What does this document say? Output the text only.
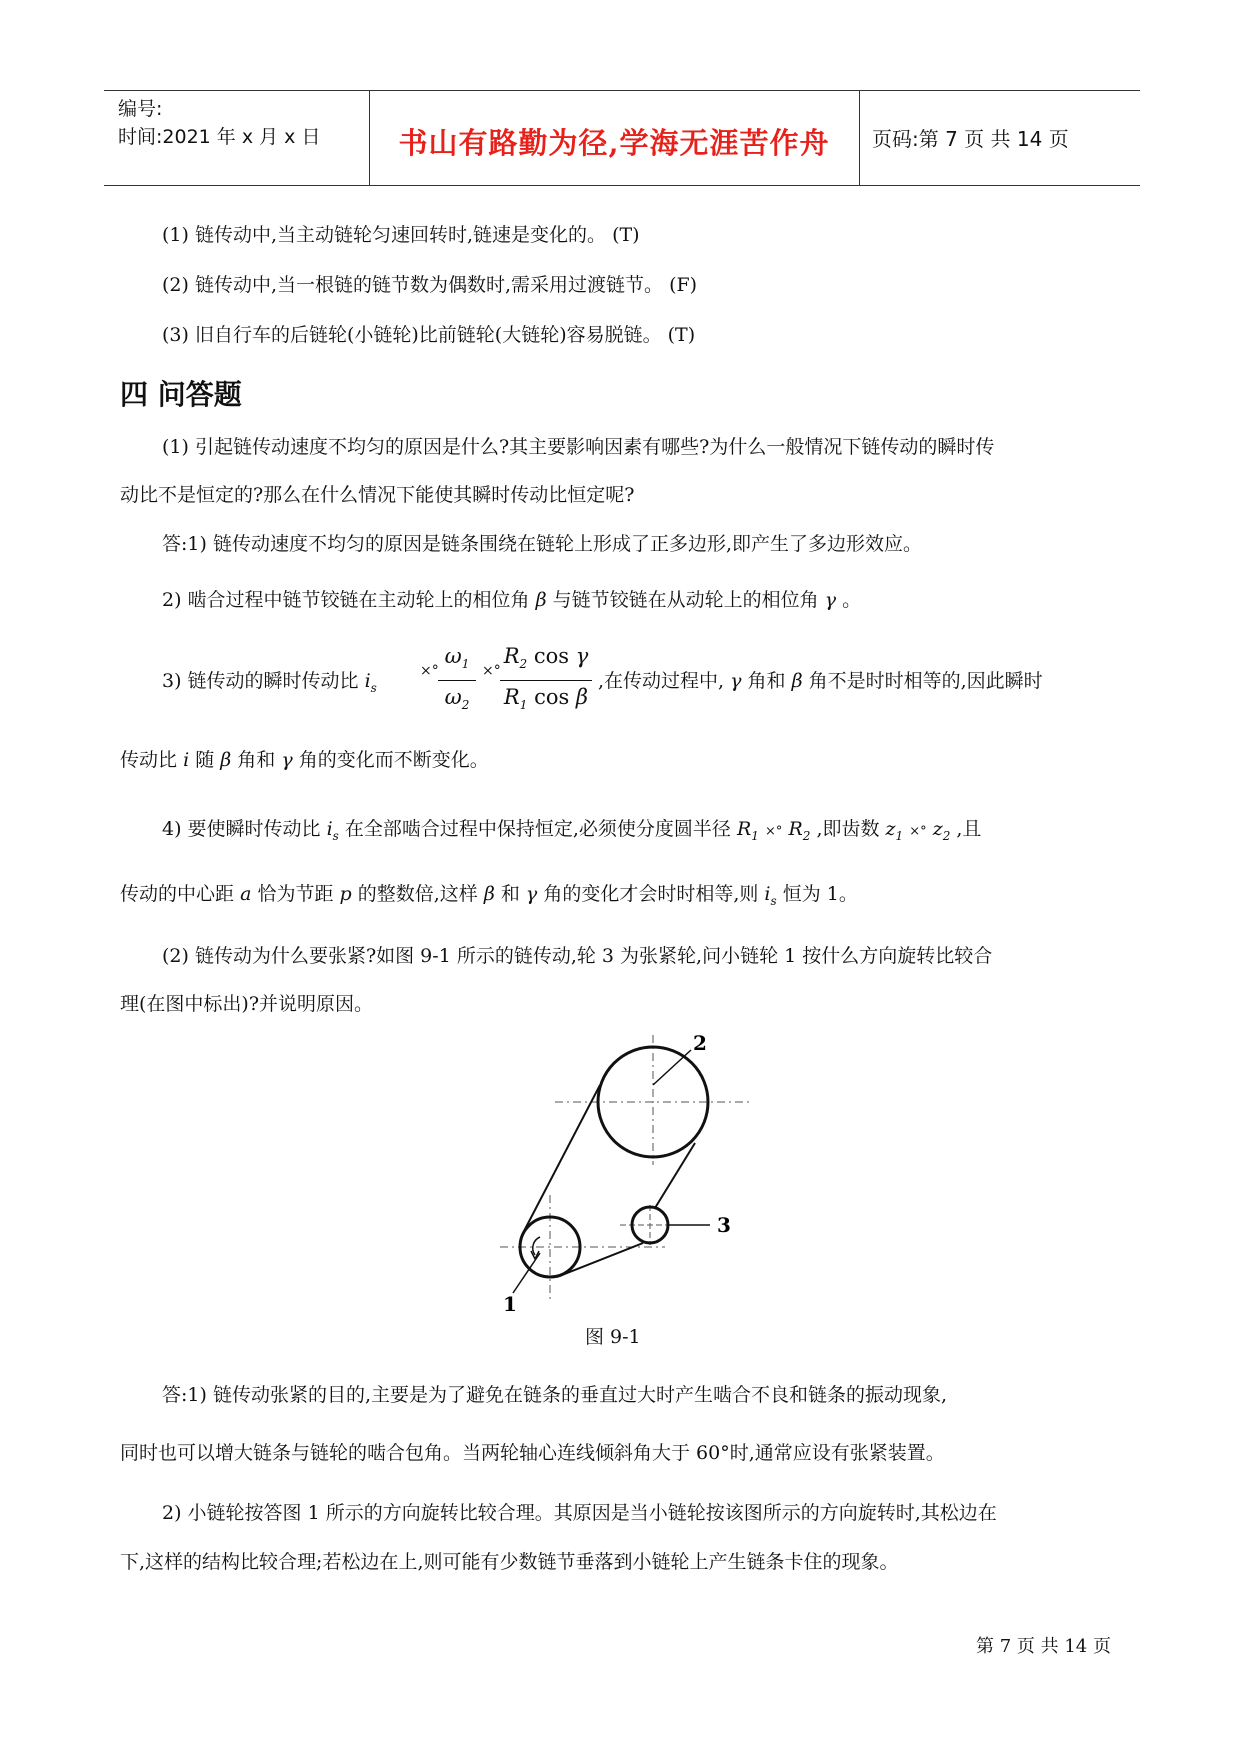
编号:
时间:2021 年 x 月 x 日	书山有路勤为径,学海无涯苦作舟	页码:第 7 页 共 14 页
(1) 链传动中,当主动链轮匀速回转时,链速是变化的。 (T)
(2) 链传动中,当一根链的链节数为偶数时,需采用过渡链节。 (F)
(3) 旧自行车的后链轮(小链轮)比前链轮(大链轮)容易脱链。 (T)
四 问答题
(1) 引起链传动速度不均匀的原因是什么?其主要影响因素有哪些?为什么一般情况下链传动的瞬时传
动比不是恒定的?那么在什么情况下能使其瞬时传动比恒定呢?
答:1) 链传动速度不均匀的原因是链条围绕在链轮上形成了正多边形,即产生了多边形效应。
2) 啮合过程中链节铰链在主动轮上的相位角 β 与链节铰链在从动轮上的相位角 γ 。
3) 链传动的瞬时传动比 $i_s$
×° $\frac{\omega_1}{\omega_2}$ ×° $\frac{R_2 \cos \gamma}{R_1 \cos \beta}$ ,在传动过程中, γ 角和 β 角不是时时相等的,因此瞬时
传动比 i 随 β 角和 γ 角的变化而不断变化。
4) 要使瞬时传动比 $i_s$ 在全部啮合过程中保持恒定,必须使分度圆半径 $R_1$ ×° $R_2$ ,即齿数 $z_1$ ×° $z_2$ ,且
传动的中心距 a 恰为节距 p 的整数倍,这样 β 和 γ 角的变化才会时时相等,则 $i_s$ 恒为 1。
(2) 链传动为什么要张紧?如图 9-1 所示的链传动,轮 3 为张紧轮,问小链轮 1 按什么方向旋转比较合
理(在图中标出)?并说明原因。
2
3
1
图 9-1
答:1) 链传动张紧的目的,主要是为了避免在链条的垂直过大时产生啮合不良和链条的振动现象,
同时也可以增大链条与链轮的啮合包角。当两轮轴心连线倾斜角大于 60°时,通常应设有张紧装置。
2) 小链轮按答图 1 所示的方向旋转比较合理。其原因是当小链轮按该图所示的方向旋转时,其松边在
下,这样的结构比较合理;若松边在上,则可能有少数链节垂落到小链轮上产生链条卡住的现象。
第 7 页 共 14 页
